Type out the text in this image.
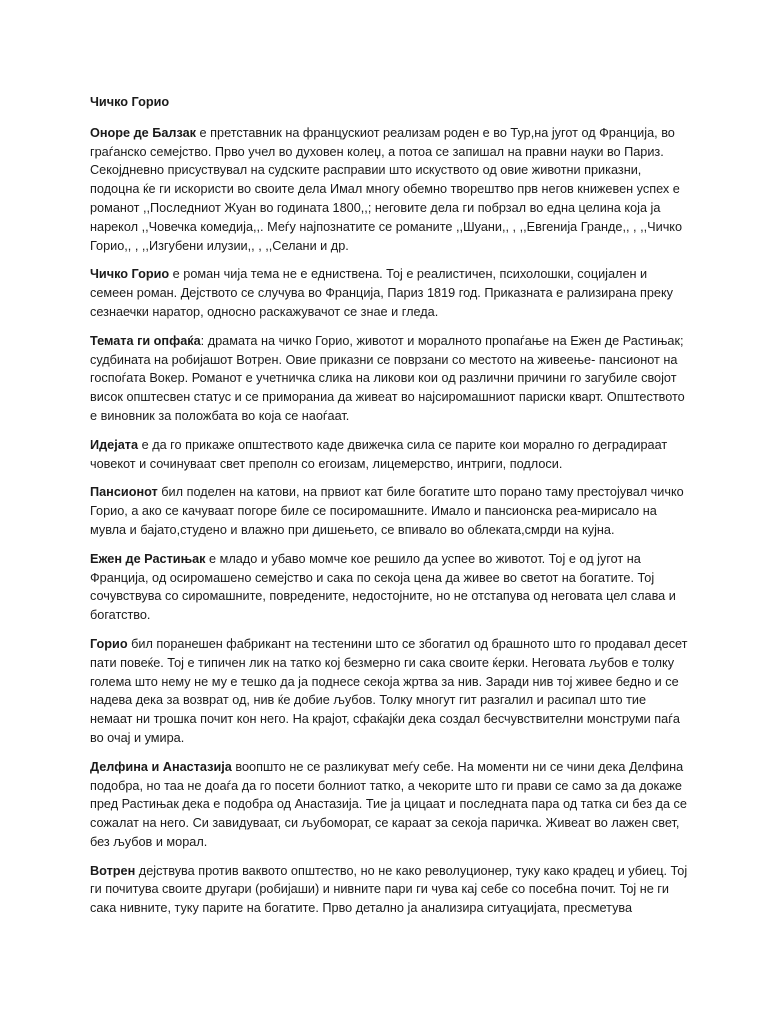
Чичко Горио

Оноре де Балзак е претставник на францускиот реализам роден е во Тур,на југот од Франција, во граѓанско семејство. Прво учел во духовен колеџ, а потоа се запишал на правни науки во Париз. Секојдневно присуствувал на судските расправии што искуството од овие животни приказни, подоцна ќе ги искористи во своите дела Имал многу обемно творештво прв негов книжевен успех е романот ,,Последниот Жуан во годината 1800,,; неговите дела ги побрзал во една целина која ја нарекол ,,Човечка комедија,,. Меѓу најпознатите се романите ,,Шуани,, , ,,Евгенија Гранде,, , ,,Чичко Горио,, , ,,Изгубени илузии,, , ,,Селани и др.

Чичко Горио е роман чија тема не е едниствена. Тој е реалистичен, психолошки, социјален и семеен роман. Дејството се случува во Франција, Париз 1819 год. Приказната е рализирана преку сезнаечки наратор, односно раскажувачот се знае и гледа.

Темата ги опфаќа: драмата на чичко Горио, животот и моралното пропаѓање на Ежен де Растињак; судбината на робијашот Вотрен. Овие приказни се поврзани со местото на живеење- пансионот на госпоѓата Вокер. Романот е учетничка слика на ликови кои од различни причини го загубиле својот висок општесвен статус и се примораниа да живеат во најсиромашниот париски кварт. Општеството е виновник за положбата во која се наоѓаат.

Идејата е да го прикаже општеството каде движечка сила се парите кои морално го деградираат човекот и сочинуваат свет преполн со егоизам, лицемерство, интриги, подлоси.

Пансионот бил поделен на катови, на првиот кат биле богатите што порано таму престојувал чичко Горио, а ако се качуваат погоре биле се посиромашните. Имало и пансионска реа-мирисало на мувла и бајато,студено и влажно при дишењето, се впивало во облеката,смрди на кујна.

Ежен де Растињак е младо и убаво момче кое решило да успее во животот. Тој е од југот на Франција, од осиромашено семејство и сака по секоја цена да живее во светот на богатите. Тој сочувствува со сиромашните, повредените, недостојните, но не отстапува од неговата цел слава и богатство.

Горио бил поранешен фабрикант на тестенини што се збогатил од брашното што го продавал десет пати повеќе. Тој е типичен лик на татко кој безмерно ги сака своите ќерки. Неговата љубов е толку голема што нему не му е тешко да ја поднесе секоја жртва за нив. Заради нив тој живее бедно и се надева дека за возврат од, нив ќе добие љубов. Толку многут гит разгалил и расипал што тие немаат ни трошка почит кон него. На крајот, сфаќајќи дека создал бесчувствителни монструми паѓа во очај и умира.

Делфина и Анастазија воопшто не се разликуват меѓу себе. На моменти ни се чини дека Делфина подобра, но таа не доаѓа да го посети болниот татко, а чекорите што ги прави се само за да докаже пред Растињак дека е подобра од Анастазија. Тие ја цицаат и последната пара од татка си без да се сожалат на него. Си завидуваат, си љубоморат, се караат за секоја паричка. Живеат во лажен свет, без љубов и морал.

Вотрен дејствува против ваквото општество, но не како револуционер, туку како крадец и убиец. Тој ги почитува своите другари (робијаши) и нивните пари ги чува кај себе со посебна почит. Тој не ги сака нивните, туку парите на богатите. Прво детално ја анализира ситуацијата, пресметува
